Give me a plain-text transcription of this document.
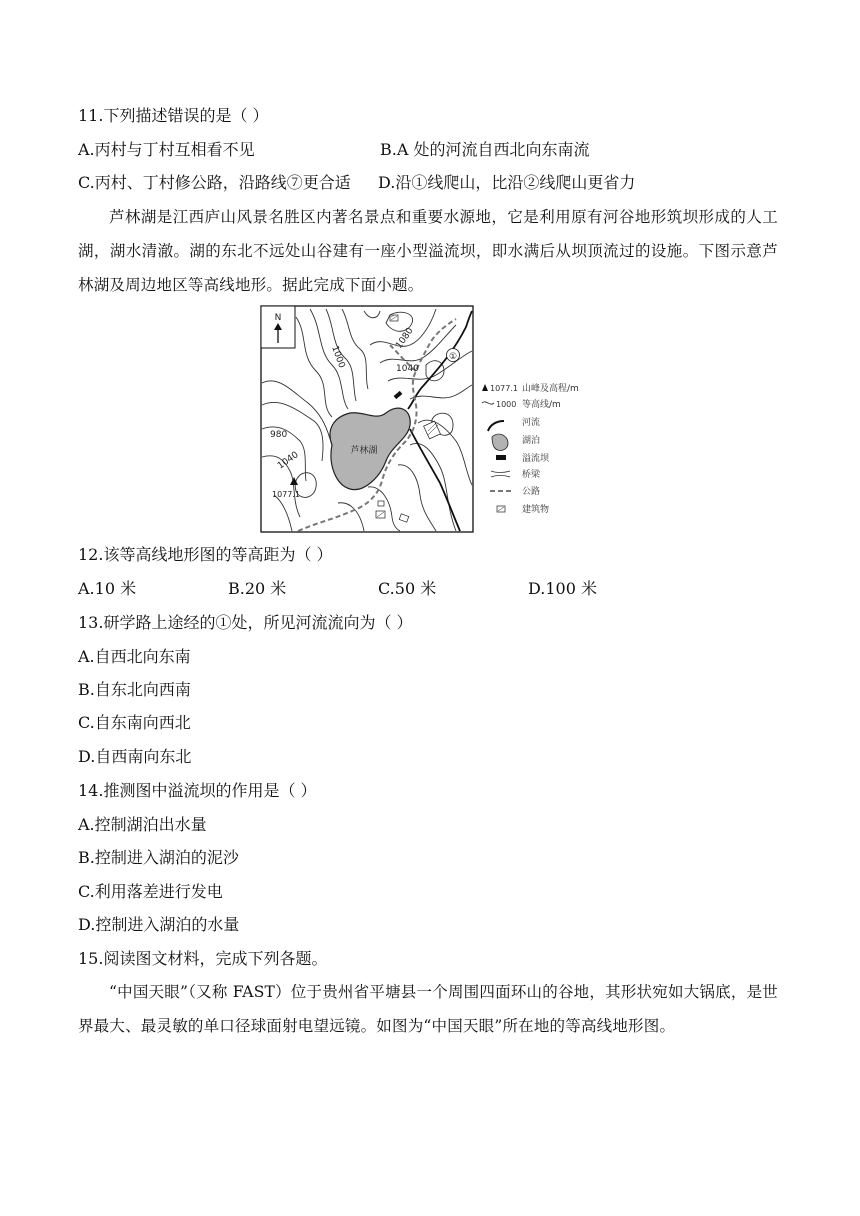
11.下列描述错误的是（ ）
A.丙村与丁村互相看不见	B.A 处的河流自西北向东南流
C.丙村、丁村修公路，沿路线⑦更合适 D.沿①线爬山，比沿②线爬山更省力
芦林湖是江西庐山风景名胜区内著名景点和重要水源地，它是利用原有河谷地形筑坝形成的人工湖，湖水清澈。湖的东北不远处山谷建有一座小型溢流坝，即水满后从坝顶流过的设施。下图示意芦林湖及周边地区等高线地形。据此完成下面小题。
N
芦林湖
①
1000
1080
1040
980
1040
1077.1
1077.1 山峰及高程/m
1000 等高线/m
河流
湖泊
溢流坝
桥梁
公路
建筑物
12.该等高线地形图的等高距为（ ）
A.10 米	B.20 米	C.50 米	D.100 米
13.研学路上途经的①处，所见河流流向为（ ）
A.自西北向东南
B.自东北向西南
C.自东南向西北
D.自西南向东北
14.推测图中溢流坝的作用是（ ）
A.控制湖泊出水量
B.控制进入湖泊的泥沙
C.利用落差进行发电
D.控制进入湖泊的水量
15.阅读图文材料，完成下列各题。
“中国天眼”（又称 FAST）位于贵州省平塘县一个周围四面环山的谷地，其形状宛如大锅底，是世界最大、最灵敏的单口径球面射电望远镜。如图为“中国天眼”所在地的等高线地形图。
